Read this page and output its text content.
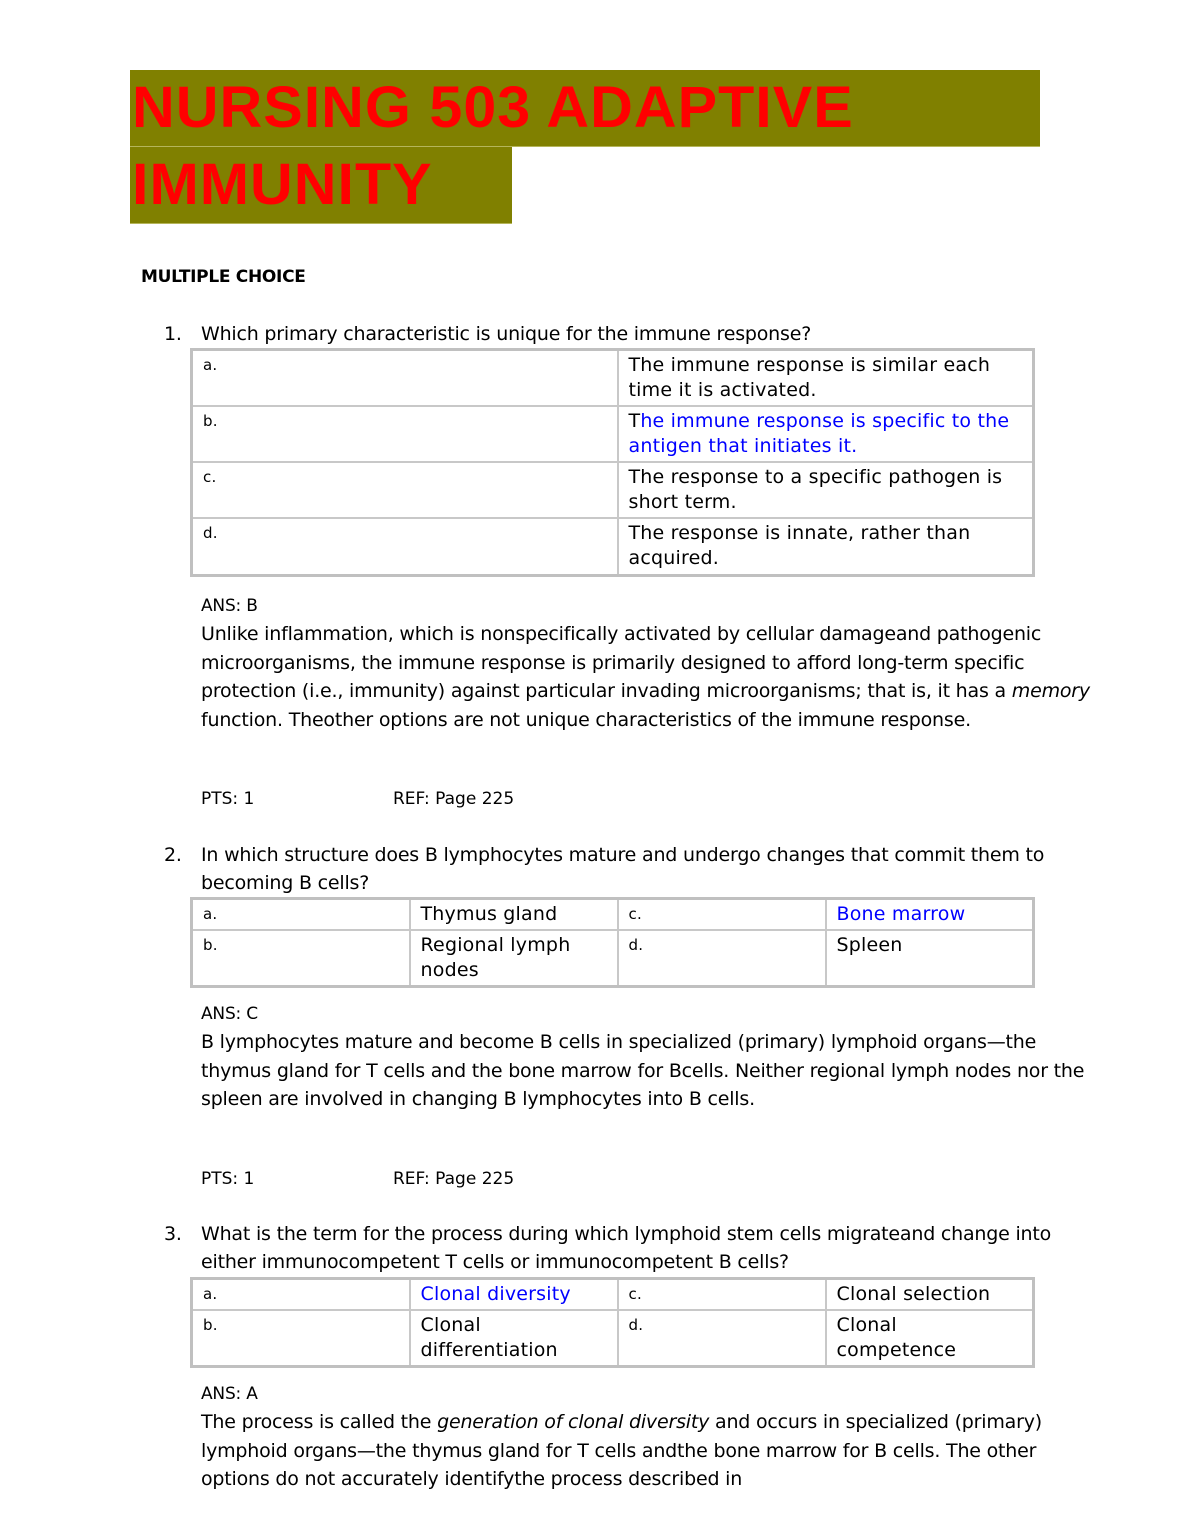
NURSING 503 ADAPTIVE
IMMUNITY
MULTIPLE CHOICE
1. Which primary characteristic is unique for the immune response?
a.	The immune response is similar each time it is activated.
b.	The immune response is specific to the antigen that initiates it.
c.	The response to a specific pathogen is short term.
d.	The response is innate, rather than acquired.
ANS: B
Unlike inflammation, which is nonspecifically activated by cellular damageand pathogenic microorganisms, the immune response is primarily designed to afford long-term specific protection (i.e., immunity) against particular invading microorganisms; that is, it has a memory function. Theother options are not unique characteristics of the immune response.
PTS: 1	REF: Page 225
2. In which structure does B lymphocytes mature and undergo changes that commit them to becoming B cells?
a.	Thymus gland	c.	Bone marrow
b.	Regional lymph nodes	d.	Spleen
ANS: C
B lymphocytes mature and become B cells in specialized (primary) lymphoid organs—the thymus gland for T cells and the bone marrow for Bcells. Neither regional lymph nodes nor the spleen are involved in changing B lymphocytes into B cells.
PTS: 1	REF: Page 225
3. What is the term for the process during which lymphoid stem cells migrateand change into either immunocompetent T cells or immunocompetent B cells?
a.	Clonal diversity	c.	Clonal selection
b.	Clonal differentiation	d.	Clonal competence
ANS: A
The process is called the generation of clonal diversity and occurs in specialized (primary) lymphoid organs—the thymus gland for T cells andthe bone marrow for B cells. The other options do not accurately identifythe process described in
